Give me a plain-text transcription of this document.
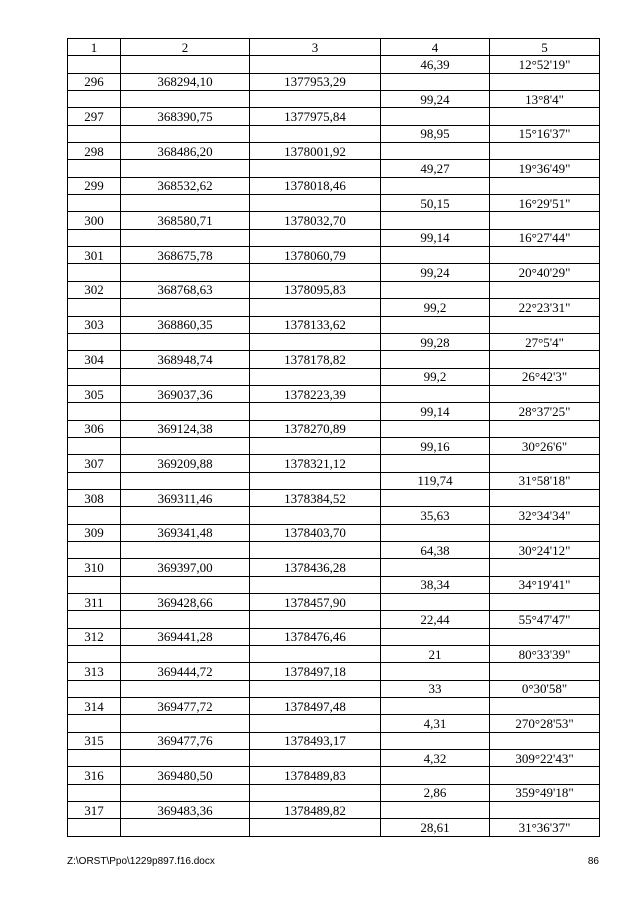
1	2	3	4	5
			46,39	12°52'19"
296	368294,10	1377953,29		
			99,24	13°8'4"
297	368390,75	1377975,84		
			98,95	15°16'37"
298	368486,20	1378001,92		
			49,27	19°36'49"
299	368532,62	1378018,46		
			50,15	16°29'51"
300	368580,71	1378032,70		
			99,14	16°27'44"
301	368675,78	1378060,79		
			99,24	20°40'29"
302	368768,63	1378095,83		
			99,2	22°23'31"
303	368860,35	1378133,62		
			99,28	27°5'4"
304	368948,74	1378178,82		
			99,2	26°42'3"
305	369037,36	1378223,39		
			99,14	28°37'25"
306	369124,38	1378270,89		
			99,16	30°26'6"
307	369209,88	1378321,12		
			119,74	31°58'18"
308	369311,46	1378384,52		
			35,63	32°34'34"
309	369341,48	1378403,70		
			64,38	30°24'12"
310	369397,00	1378436,28		
			38,34	34°19'41"
311	369428,66	1378457,90		
			22,44	55°47'47"
312	369441,28	1378476,46		
			21	80°33'39"
313	369444,72	1378497,18		
			33	0°30'58"
314	369477,72	1378497,48		
			4,31	270°28'53"
315	369477,76	1378493,17		
			4,32	309°22'43"
316	369480,50	1378489,83		
			2,86	359°49'18"
317	369483,36	1378489,82		
			28,61	31°36'37"
Z:\ORST\Ppo\1229p897.f16.docx	86
